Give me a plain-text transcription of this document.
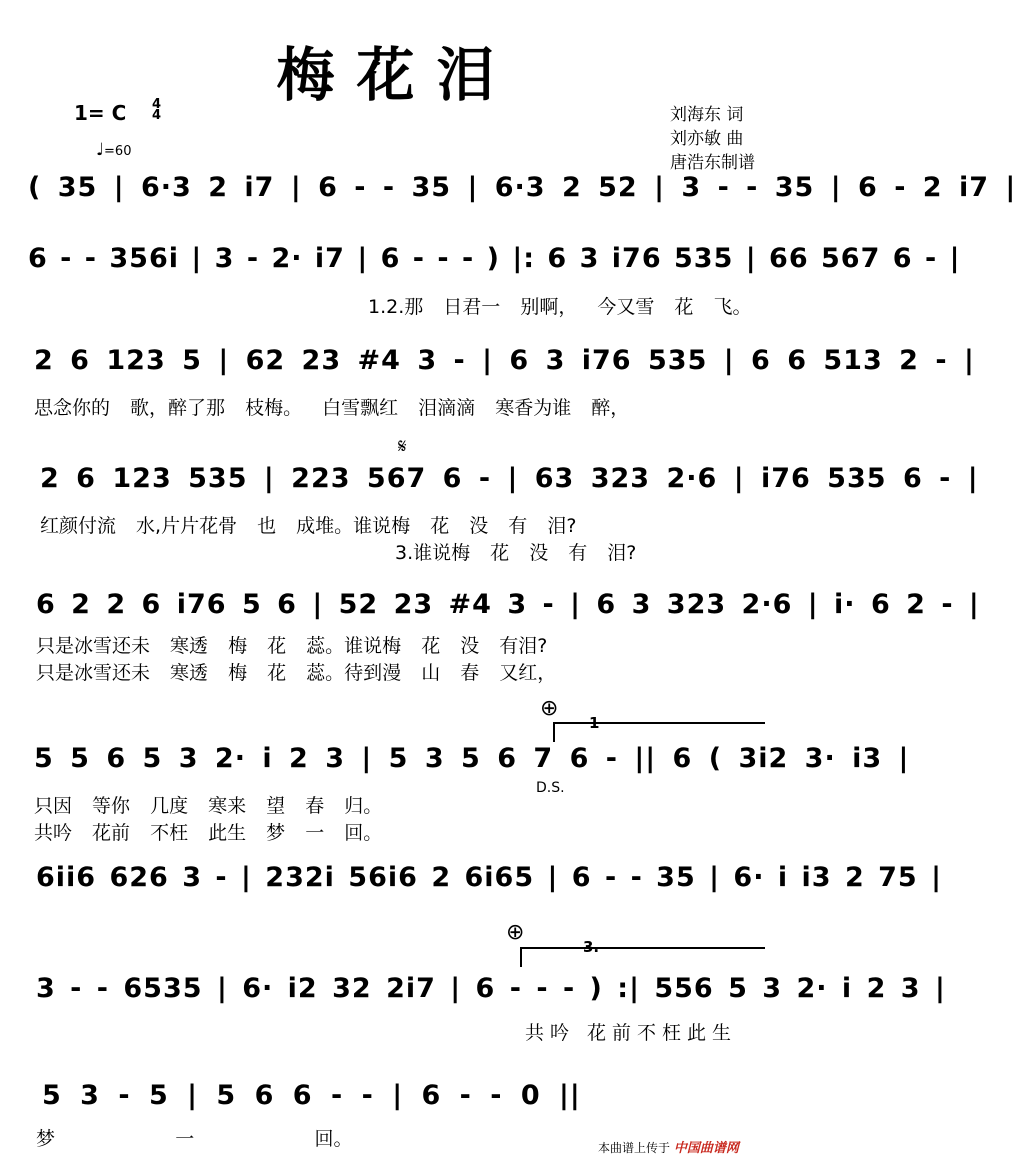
梅花泪
1= C 4
4
♩=60
刘海东 词
刘亦敏 曲
唐浩东制谱
( 35 | 6·3 2 i7 | 6 - - 35 | 6·3 2 52 | 3 - - 35 | 6 - 2 i7 |
6 - - 356i | 3 - 2· i7 | 6 - - - ) |: 6 3 i76 535 | 66 567 6 - |
1.2.那 日君一 别啊， 今又雪 花 飞。
2 6 123 5 | 62 23 #4 3 - | 6 3 i76 535 | 6 6 513 2 - |
思念你的 歌，醉了那 枝梅。 白雪飘红 泪滴滴 寒香为谁 醉，
𝄋
2 6 123 535 | 223 567 6 - | 63 323 2·6 | i76 535 6 - |
红颜付流 水,片片花骨 也 成堆。谁说梅 花 没 有 泪?
3.谁说梅 花 没 有 泪?
6 2 2 6 i76 5 6 | 52 23 #4 3 - | 6 3 323 2·6 | i· 6 2 - |
只是冰雪还未 寒透 梅 花 蕊。谁说梅 花 没 有泪?
只是冰雪还未 寒透 梅 花 蕊。待到漫 山 春 又红，
⊕
1
5 5 6 5 3 2· i 2 3 | 5 3 5 6 7 6 - || 6 ( 3i2 3· i3 |
D.S.
只因 等你 几度 寒来 望 春 归。
共吟 花前 不枉 此生 梦 一 回。
6ii6 626 3 - | 232i 56i6 2 6i65 | 6 - - 35 | 6· i i3 2 75 |
⊕
3.
3 - - 6535 | 6· i2 32 2i7 | 6 - - - ) :| 556 5 3 2· i 2 3 |
共吟 花前不枉此生
5 3 - 5 | 5 6 6 - - | 6 - - 0 ||
梦      一      回。	本曲谱上传于 中国曲谱网
